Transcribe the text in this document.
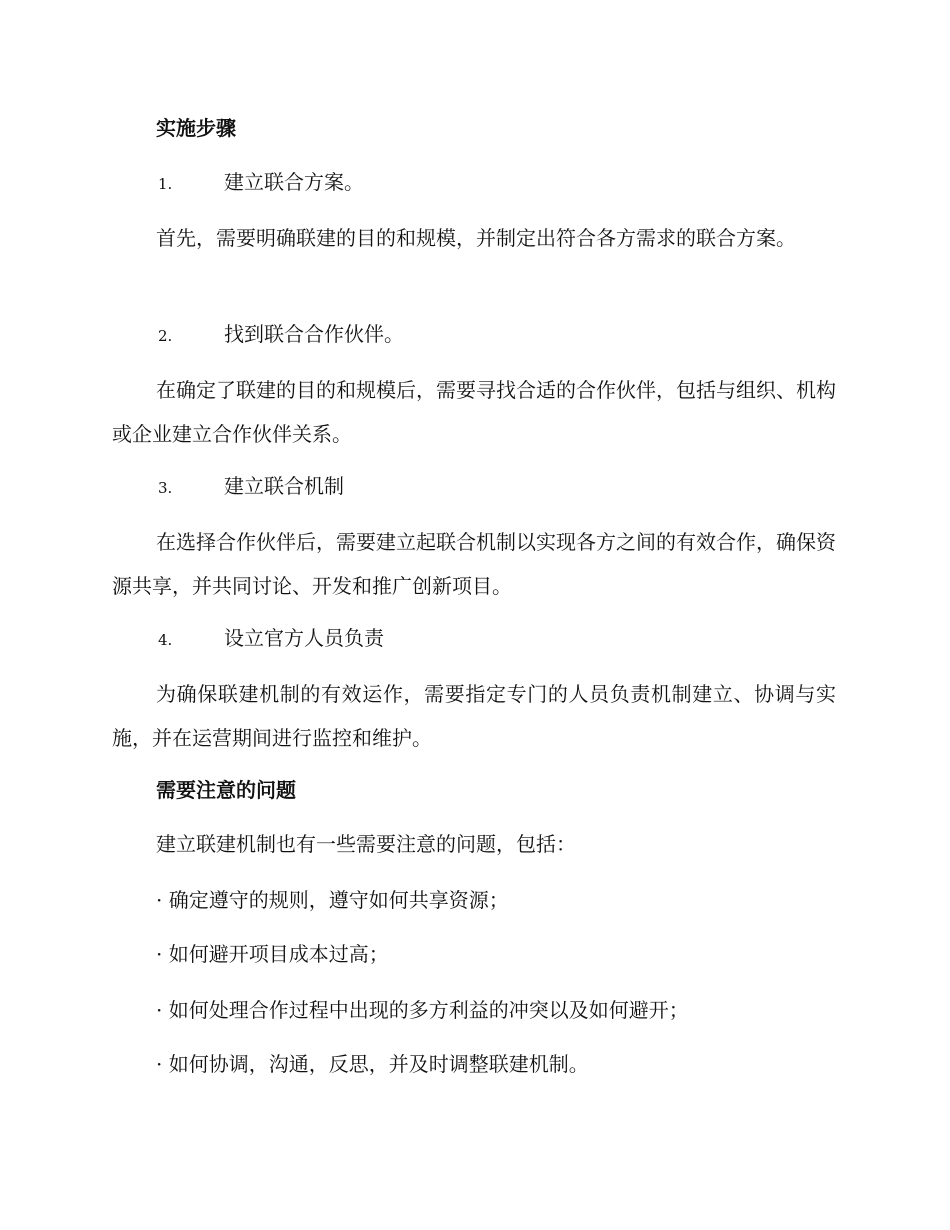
实施步骤
1.	建立联合方案。
首先，需要明确联建的目的和规模，并制定出符合各方需求的联合方案。
2.	找到联合合作伙伴。
在确定了联建的目的和规模后，需要寻找合适的合作伙伴，包括与组织、机构或企业建立合作伙伴关系。
3.	建立联合机制
在选择合作伙伴后，需要建立起联合机制以实现各方之间的有效合作，确保资源共享，并共同讨论、开发和推广创新项目。
4.	设立官方人员负责
为确保联建机制的有效运作，需要指定专门的人员负责机制建立、协调与实施，并在运营期间进行监控和维护。
需要注意的问题
建立联建机制也有一些需要注意的问题，包括：
· 确定遵守的规则，遵守如何共享资源；
· 如何避开项目成本过高；
· 如何处理合作过程中出现的多方利益的冲突以及如何避开；
· 如何协调，沟通，反思，并及时调整联建机制。
